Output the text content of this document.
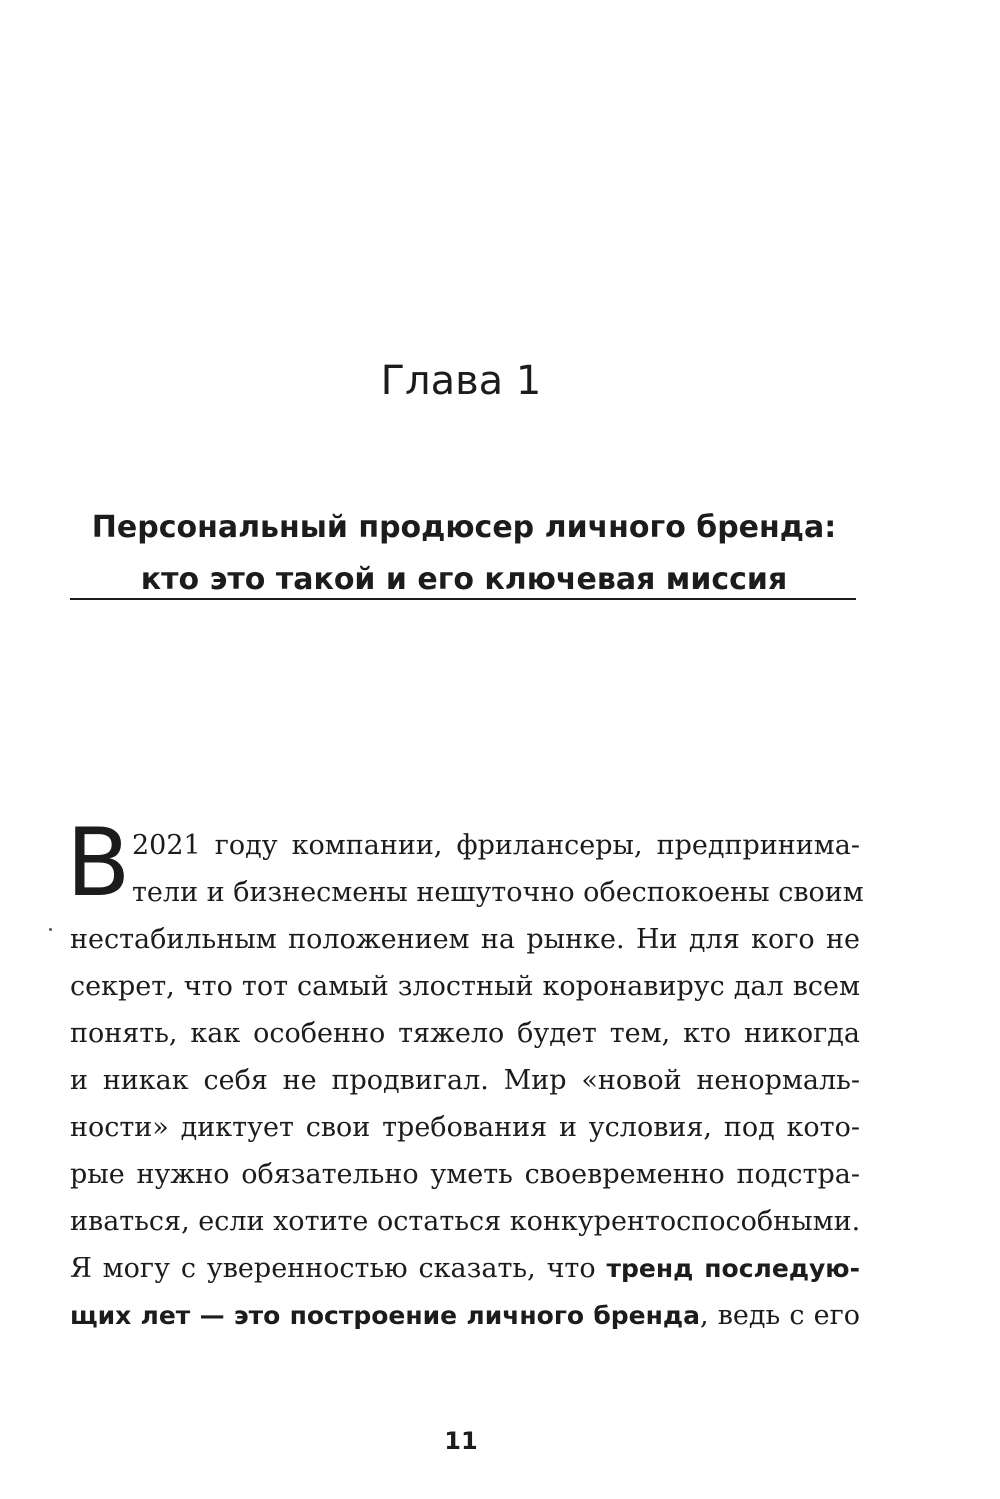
Глава 1
Персональный продюсер личного бренда:
кто это такой и его ключевая миссия
В 2021 году компании, фрилансеры, предпринима-
тели и бизнесмены нешуточно обеспокоены своим
нестабильным положением на рынке. Ни для кого не
секрет, что тот самый злостный коронавирус дал всем
понять, как особенно тяжело будет тем, кто никогда
и никак себя не продвигал. Мир «новой ненормаль-
ности» диктует свои требования и условия, под кото-
рые нужно обязательно уметь своевременно подстра-
иваться, если хотите остаться конкурентоспособными.
Я могу с уверенностью сказать, что тренд последую-
щих лет — это построение личного бренда, ведь с его
11
